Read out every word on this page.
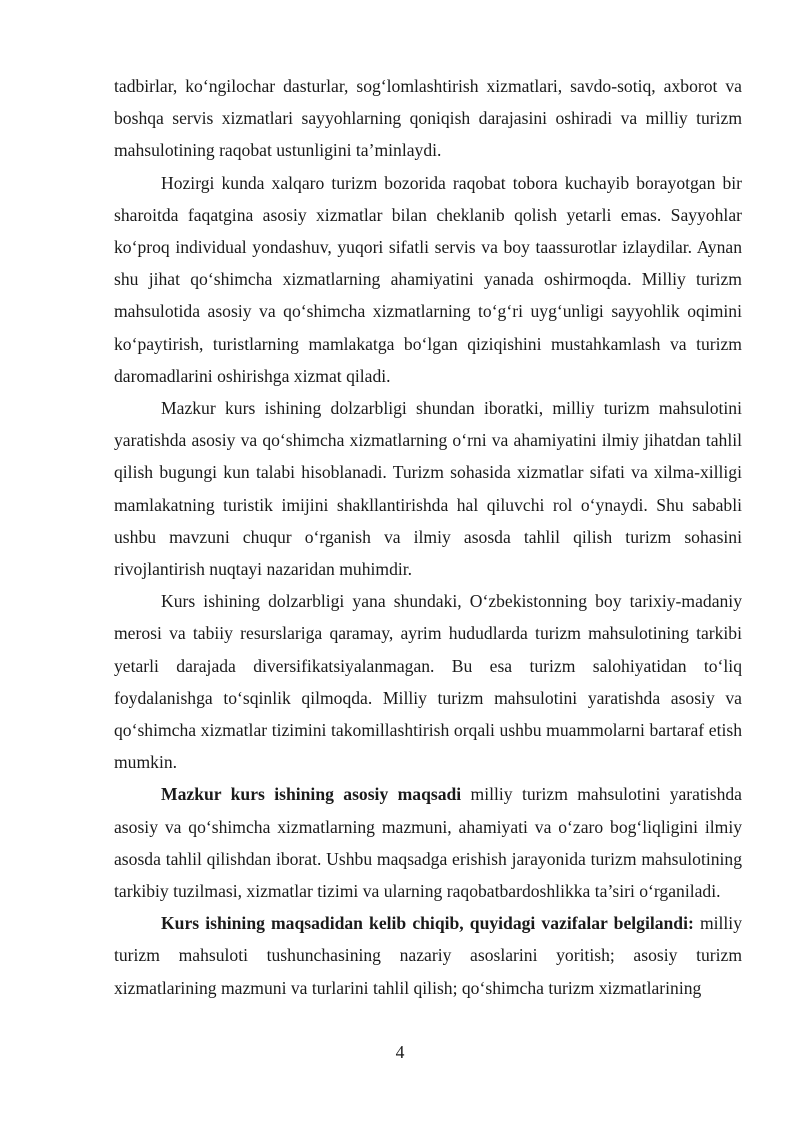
tadbirlar, ko‘ngilochar dasturlar, sog‘lomlashtirish xizmatlari, savdo-sotiq, axborot va boshqa servis xizmatlari sayyohlarning qoniqish darajasini oshiradi va milliy turizm mahsulotining raqobat ustunligini ta’minlaydi.

Hozirgi kunda xalqaro turizm bozorida raqobat tobora kuchayib borayotgan bir sharoitda faqatgina asosiy xizmatlar bilan cheklanib qolish yetarli emas. Sayyohlar ko‘proq individual yondashuv, yuqori sifatli servis va boy taassurotlar izlaydilar. Aynan shu jihat qo‘shimcha xizmatlarning ahamiyatini yanada oshirmoqda. Milliy turizm mahsulotida asosiy va qo‘shimcha xizmatlarning to‘g‘ri uyg‘unligi sayyohlik oqimini ko‘paytirish, turistlarning mamlakatga bo‘lgan qiziqishini mustahkamlash va turizm daromadlarini oshirishga xizmat qiladi.

Mazkur kurs ishining dolzarbligi shundan iboratki, milliy turizm mahsulotini yaratishda asosiy va qo‘shimcha xizmatlarning o‘rni va ahamiyatini ilmiy jihatdan tahlil qilish bugungi kun talabi hisoblanadi. Turizm sohasida xizmatlar sifati va xilma-xilligi mamlakatning turistik imijini shakllantirishda hal qiluvchi rol o‘ynaydi. Shu sababli ushbu mavzuni chuqur o‘rganish va ilmiy asosda tahlil qilish turizm sohasini rivojlantirish nuqtayi nazaridan muhimdir.

Kurs ishining dolzarbligi yana shundaki, O‘zbekistonning boy tarixiy-madaniy merosi va tabiiy resurslariga qaramay, ayrim hududlarda turizm mahsulotining tarkibi yetarli darajada diversifikatsiyalanmagan. Bu esa turizm salohiyatidan to‘liq foydalanishga to‘sqinlik qilmoqda. Milliy turizm mahsulotini yaratishda asosiy va qo‘shimcha xizmatlar tizimini takomillashtirish orqali ushbu muammolarni bartaraf etish mumkin.

Mazkur kurs ishining asosiy maqsadi milliy turizm mahsulotini yaratishda asosiy va qo‘shimcha xizmatlarning mazmuni, ahamiyati va o‘zaro bog‘liqligini ilmiy asosda tahlil qilishdan iborat. Ushbu maqsadga erishish jarayonida turizm mahsulotining tarkibiy tuzilmasi, xizmatlar tizimi va ularning raqobatbardoshlikka ta’siri o‘rganiladi.

Kurs ishining maqsadidan kelib chiqib, quyidagi vazifalar belgilandi: milliy turizm mahsuloti tushunchasining nazariy asoslarini yoritish; asosiy turizm xizmatlarining mazmuni va turlarini tahlil qilish; qo‘shimcha turizm xizmatlarining

4
